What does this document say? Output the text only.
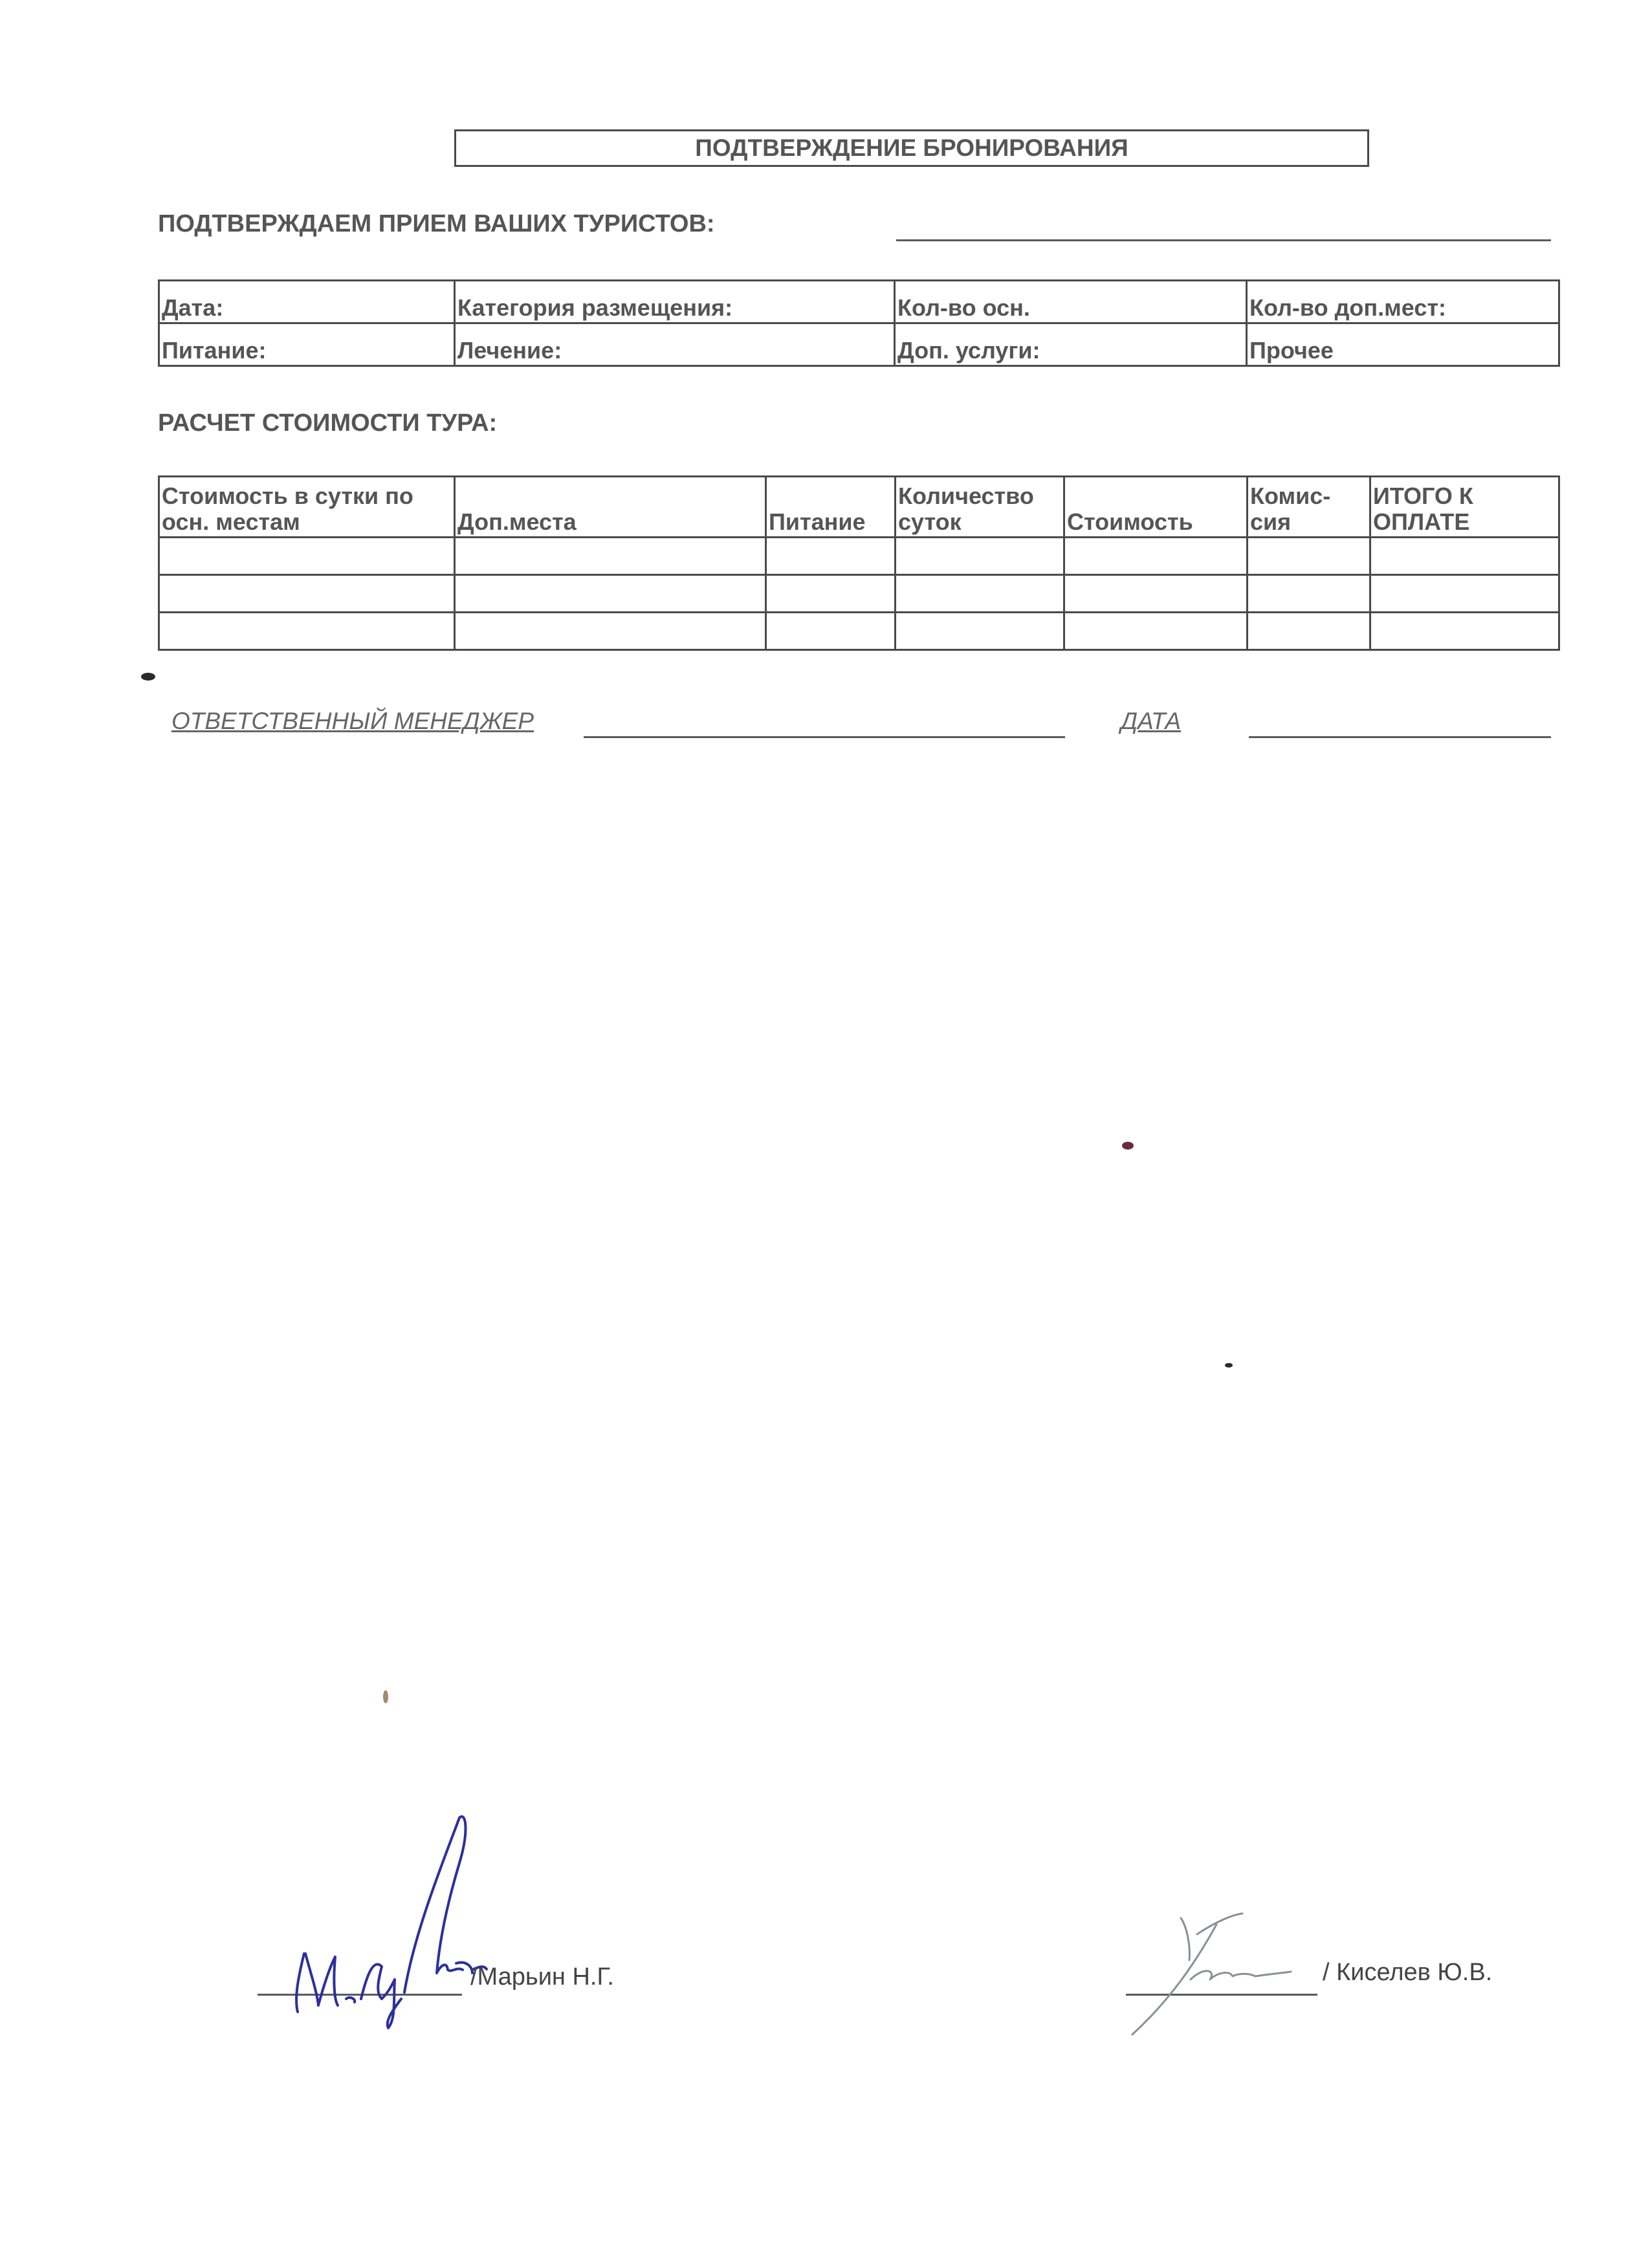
ПОДТВЕРЖДЕНИЕ БРОНИРОВАНИЯ
ПОДТВЕРЖДАЕМ ПРИЕМ ВАШИХ ТУРИСТОВ:
Дата:	Категория размещения:	Кол-во осн.	Кол-во доп.мест:
Питание:	Лечение:	Доп. услуги:	Прочее
РАСЧЕТ СТОИМОСТИ ТУРА:
Стоимость в сутки по осн. местам	Доп.места	Питание	Количество суток	Стоимость	Комис-сия	ИТОГО К ОПЛАТЕ

ОТВЕТСТВЕННЫЙ МЕНЕДЖЕР	ДАТА
/Марьин Н.Г.	/ Киселев Ю.В.
